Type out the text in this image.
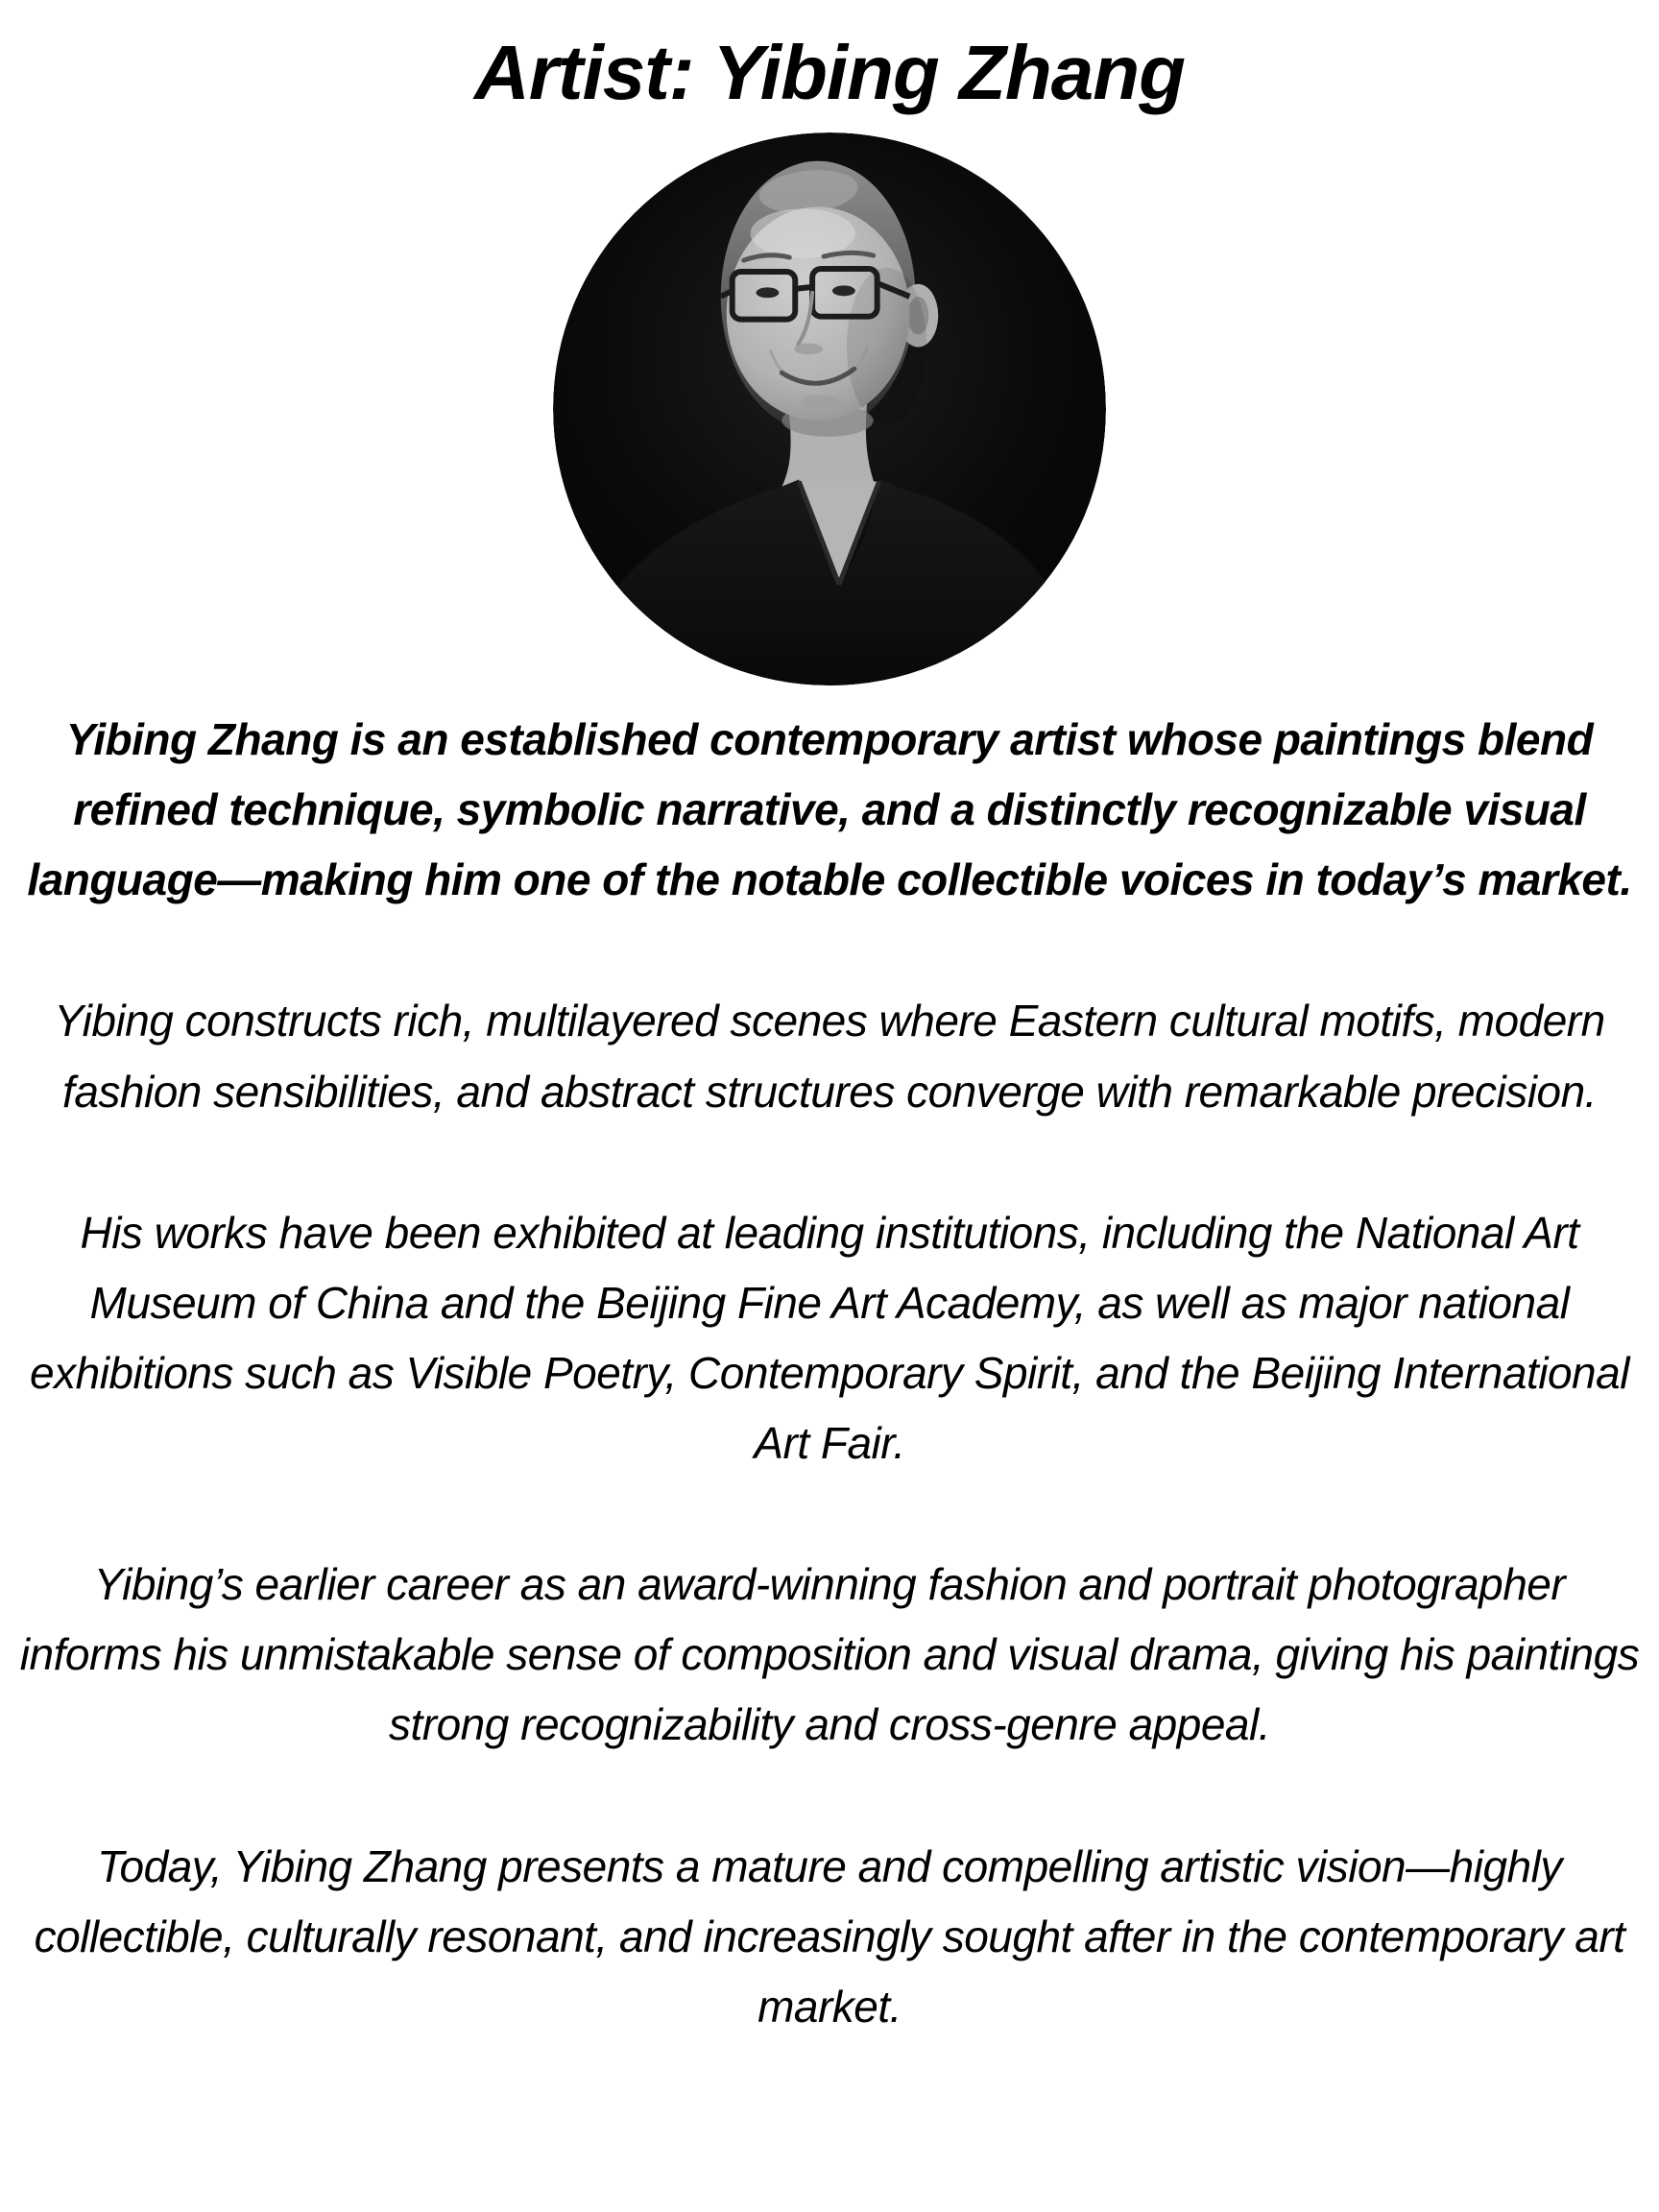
Artist: Yibing Zhang

Yibing Zhang is an established contemporary artist whose paintings blend refined technique, symbolic narrative, and a distinctly recognizable visual language—making him one of the notable collectible voices in today’s market.

Yibing constructs rich, multilayered scenes where Eastern cultural motifs, modern fashion sensibilities, and abstract structures converge with remarkable precision.

His works have been exhibited at leading institutions, including the National Art Museum of China and the Beijing Fine Art Academy, as well as major national exhibitions such as Visible Poetry, Contemporary Spirit, and the Beijing International Art Fair.

Yibing’s earlier career as an award-winning fashion and portrait photographer informs his unmistakable sense of composition and visual drama, giving his paintings strong recognizability and cross-genre appeal.

Today, Yibing Zhang presents a mature and compelling artistic vision—highly collectible, culturally resonant, and increasingly sought after in the contemporary art market.
